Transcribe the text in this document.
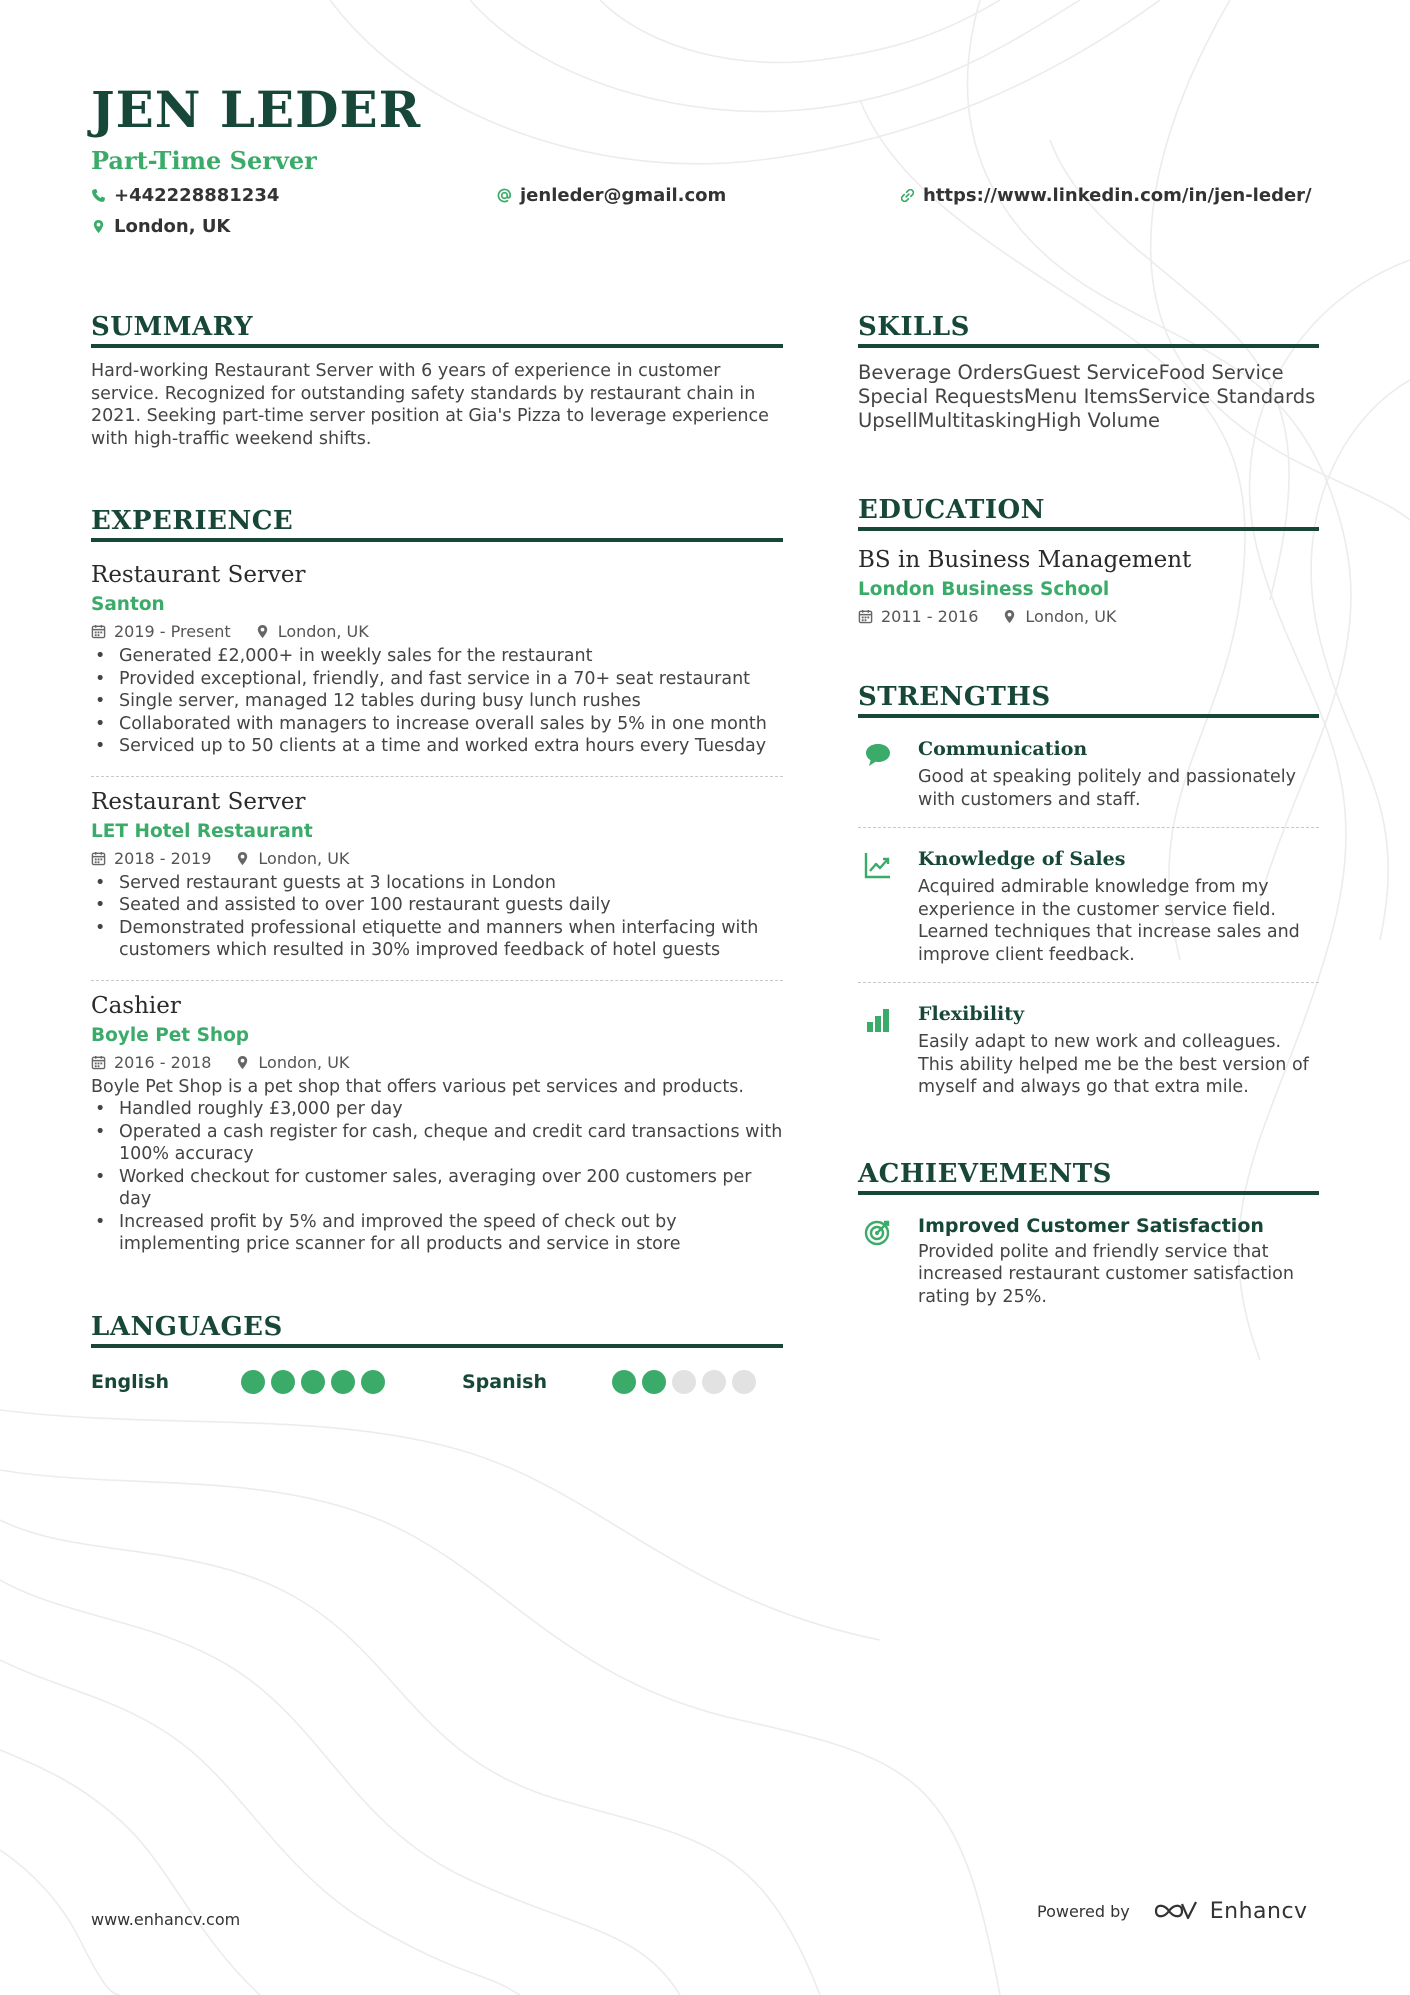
JEN LEDER
Part-Time Server
+442228881234	jenleder@gmail.com	https://www.linkedin.com/in/jen-leder/
London, UK
SUMMARY

Hard-working Restaurant Server with 6 years of experience in customer service. Recognized for outstanding safety standards by restaurant chain in 2021. Seeking part-time server position at Gia's Pizza to leverage experience with high-traffic weekend shifts.

EXPERIENCE
Restaurant Server
Santon
2019 - Present	London, UK
• Generated £2,000+ in weekly sales for the restaurant
• Provided exceptional, friendly, and fast service in a 70+ seat restaurant
• Single server, managed 12 tables during busy lunch rushes
• Collaborated with managers to increase overall sales by 5% in one month
• Serviced up to 50 clients at a time and worked extra hours every Tuesday
Restaurant Server
LET Hotel Restaurant
2018 - 2019	London, UK
• Served restaurant guests at 3 locations in London
• Seated and assisted to over 100 restaurant guests daily
• Demonstrated professional etiquette and manners when interfacing with customers which resulted in 30% improved feedback of hotel guests
Cashier
Boyle Pet Shop
2016 - 2018	London, UK
Boyle Pet Shop is a pet shop that offers various pet services and products.
• Handled roughly £3,000 per day
• Operated a cash register for cash, cheque and credit card transactions with 100% accuracy
• Worked checkout for customer sales, averaging over 200 customers per day
• Increased profit by 5% and improved the speed of check out by implementing price scanner for all products and service in store
LANGUAGES
English	Spanish
SKILLS
Beverage OrdersGuest ServiceFood Service
Special RequestsMenu ItemsService Standards
UpsellMultitaskingHigh Volume
EDUCATION
BS in Business Management
London Business School
2011 - 2016	London, UK
STRENGTHS
Communication
Good at speaking politely and passionately with customers and staff.
Knowledge of Sales
Acquired admirable knowledge from my experience in the customer service field. Learned techniques that increase sales and improve client feedback.
Flexibility
Easily adapt to new work and colleagues. This ability helped me be the best version of myself and always go that extra mile.
ACHIEVEMENTS
Improved Customer Satisfaction
Provided polite and friendly service that increased restaurant customer satisfaction rating by 25%.
www.enhancv.com	Powered by	Enhancv
